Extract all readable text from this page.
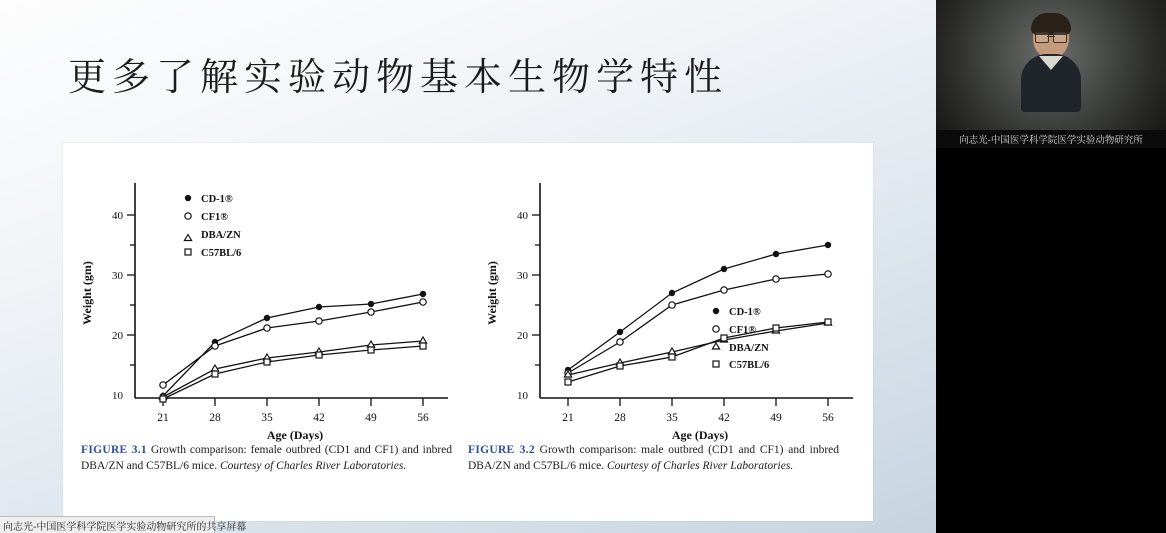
更多了解实验动物基本生物学特性
40
30
20
10
21	28	35	42	49	56
Age (Days)
Weight (gm)
CD-1®
CF1®
DBA/ZN
C57BL/6
40
30
20
10
21	28	35	42	49	56
Age (Days)
Weight (gm)	CD-1®
CF1®
DBA/ZN
C57BL/6
FIGURE 3.1 Growth comparison: female outbred (CD1 and CF1) and inbred DBA/ZN and C57BL/6 mice. Courtesy of Charles River Laboratories.
FIGURE 3.2 Growth comparison: male outbred (CD1 and CF1) and inbred DBA/ZN and C57BL/6 mice. Courtesy of Charles River Laboratories.
向志光-中国医学科学院医学实验动物研究所的共享屏幕
向志光-中国医学科学院医学实验动物研究所
